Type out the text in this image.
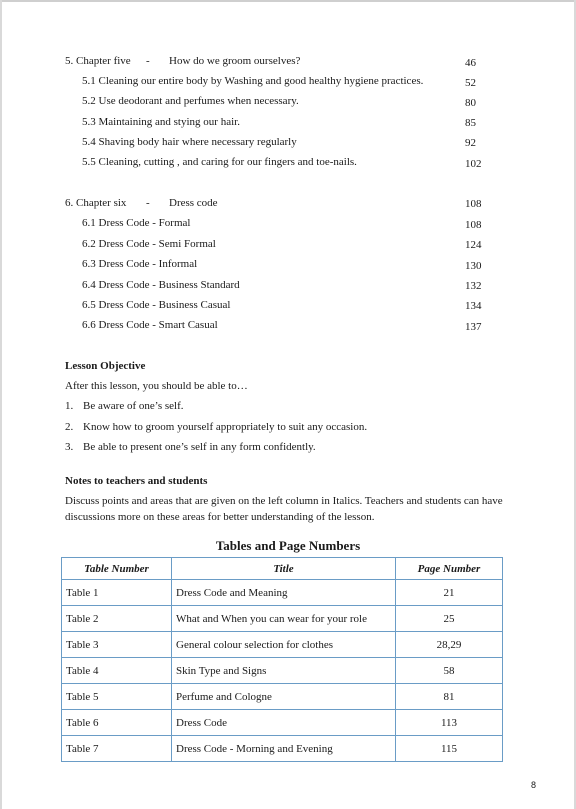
5. Chapter five - How do we groom ourselves?	46
5.1 Cleaning our entire body by Washing and good healthy hygiene practices.	52
5.2 Use deodorant and perfumes when necessary.	80
5.3 Maintaining and stying our hair.	85
5.4 Shaving body hair where necessary regularly	92
5.5 Cleaning, cutting , and caring for our fingers and toe-nails.	102
6. Chapter six - Dress code	108
6.1 Dress Code - Formal	108
6.2 Dress Code - Semi Formal	124
6.3 Dress Code - Informal	130
6.4 Dress Code - Business Standard	132
6.5 Dress Code - Business Casual	134
6.6 Dress Code - Smart Casual	137
Lesson Objective
After this lesson, you should be able to…
1. Be aware of one’s self.
2. Know how to groom yourself appropriately to suit any occasion.
3. Be able to present one’s self in any form confidently.
Notes to teachers and students
Discuss points and areas that are given on the left column in Italics. Teachers and students can have discussions more on these areas for better understanding of the lesson.
Tables and Page Numbers
Table Number	Title	Page Number
Table 1	Dress Code and Meaning	21
Table 2	What and When you can wear for your role	25
Table 3	General colour selection for clothes	28,29
Table 4	Skin Type and Signs	58
Table 5	Perfume and Cologne	81
Table 6	Dress Code	113
Table 7	Dress Code - Morning and Evening	115
8
